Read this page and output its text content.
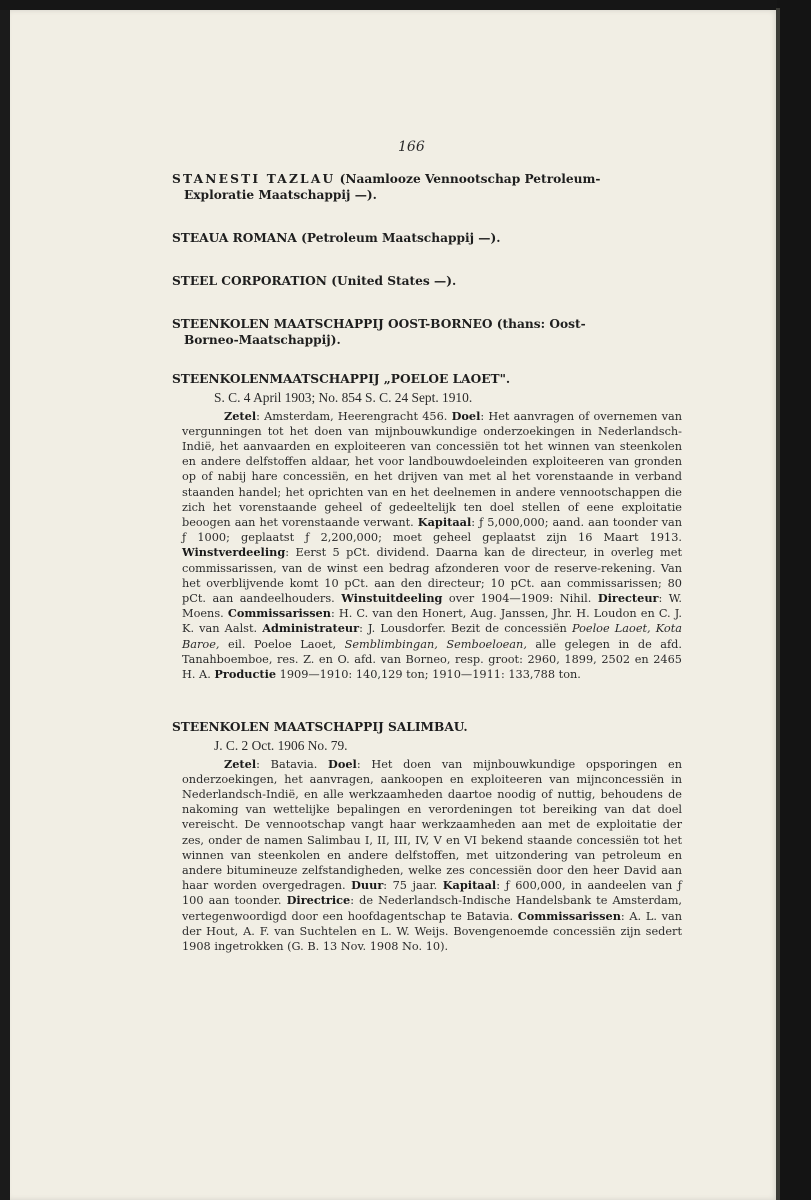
166

STANESTI TAZLAU (Naamlooze Vennootschap Petroleum-
Exploratie Maatschappij —).

STEAUA ROMANA (Petroleum Maatschappij —).

STEEL CORPORATION (United States —).

STEENKOLEN MAATSCHAPPIJ OOST-BORNEO (thans: Oost-
Borneo-Maatschappij).

STEENKOLENMAATSCHAPPIJ „POELOE LAOET".

S. C. 4 April 1903; No. 854 S. C. 24 Sept. 1910.

Zetel: Amsterdam, Heerengracht 456. Doel: Het aanvragen of overnemen van vergunningen tot het doen van mijnbouwkundige onderzoekingen in Nederlandsch-Indië, het aanvaarden en exploiteeren van concessiën tot het winnen van steenkolen en andere delfstoffen aldaar, het voor landbouwdoeleinden exploiteeren van gronden op of nabij hare concessiën, en het drijven van met al het vorenstaande in verband staanden handel; het oprichten van en het deelnemen in andere vennootschappen die zich het vorenstaande geheel of gedeeltelijk ten doel stellen of eene exploitatie beoogen aan het vorenstaande verwant. Kapitaal: ƒ 5,000,000; aand. aan toonder van ƒ 1000; geplaatst ƒ 2,200,000; moet geheel geplaatst zijn 16 Maart 1913. Winstverdeeling: Eerst 5 pCt. dividend. Daarna kan de directeur, in overleg met commissarissen, van de winst een bedrag afzonderen voor de reserve-rekening. Van het overblijvende komt 10 pCt. aan den directeur; 10 pCt. aan commissarissen; 80 pCt. aan aandeelhouders. Winstuitdeeling over 1904—1909: Nihil. Directeur: W. Moens. Commissarissen: H. C. van den Honert, Aug. Janssen, Jhr. H. Loudon en C. J. K. van Aalst. Administrateur: J. Lousdorfer. Bezit de concessiën Poeloe Laoet, Kota Baroe, eil. Poeloe Laoet, Semblimbingan, Semboeloean, alle gelegen in de afd. Tanahboemboe, res. Z. en O. afd. van Borneo, resp. groot: 2960, 1899, 2502 en 2465 H. A. Productie 1909—1910: 140,129 ton; 1910—1911: 133,788 ton.

STEENKOLEN MAATSCHAPPIJ SALIMBAU.

J. C. 2 Oct. 1906 No. 79.

Zetel: Batavia. Doel: Het doen van mijnbouwkundige opsporingen en onderzoekingen, het aanvragen, aankoopen en exploiteeren van mijnconcessiën in Nederlandsch-Indië, en alle werkzaamheden daartoe noodig of nuttig, behoudens de nakoming van wettelijke bepalingen en verordeningen tot bereiking van dat doel vereischt. De vennootschap vangt haar werkzaamheden aan met de exploitatie der zes, onder de namen Salimbau I, II, III, IV, V en VI bekend staande concessiën tot het winnen van steenkolen en andere delfstoffen, met uitzondering van petroleum en andere bitumineuze zelfstandigheden, welke zes concessiën door den heer David aan haar worden overgedragen. Duur: 75 jaar. Kapitaal: ƒ 600,000, in aandeelen van ƒ 100 aan toonder. Directrice: de Nederlandsch-Indische Handelsbank te Amsterdam, vertegenwoordigd door een hoofdagentschap te Batavia. Commissarissen: A. L. van der Hout, A. F. van Suchtelen en L. W. Weijs. Bovengenoemde concessiën zijn sedert 1908 ingetrokken (G. B. 13 Nov. 1908 No. 10).
